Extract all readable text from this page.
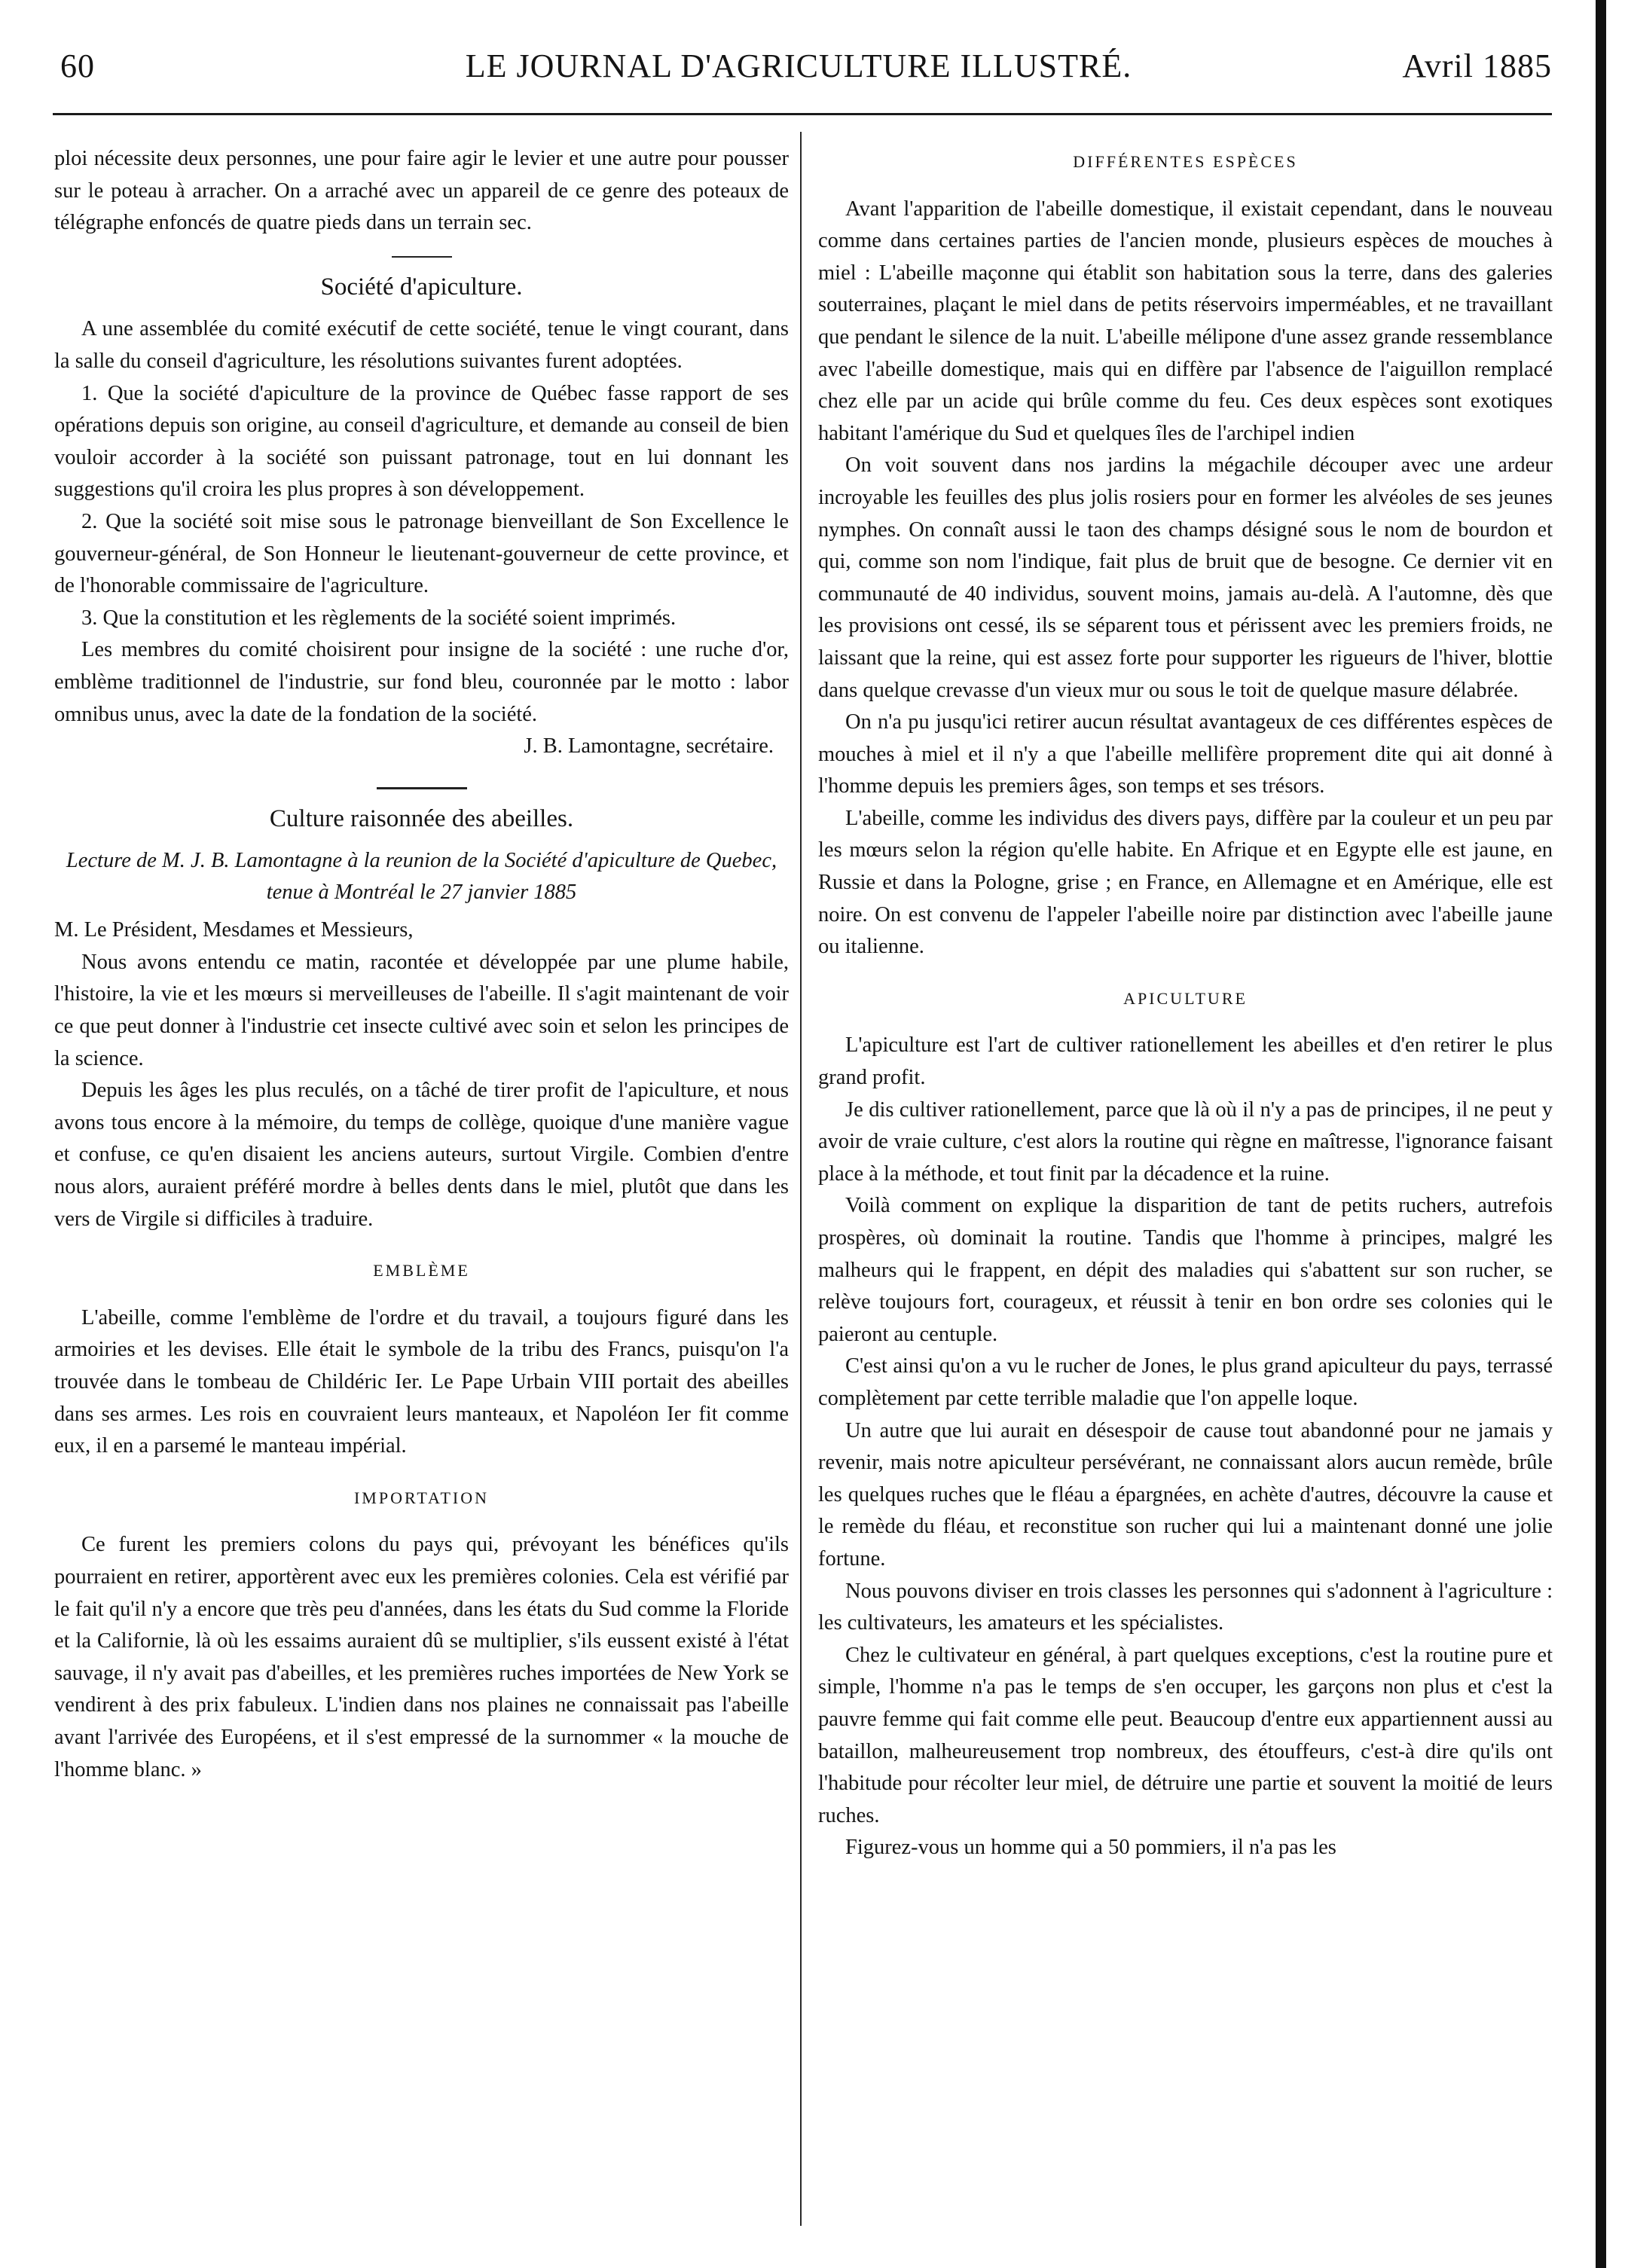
60	LE JOURNAL D'AGRICULTURE ILLUSTRÉ.	Avril 1885

ploi nécessite deux personnes, une pour faire agir le levier et une autre pour pousser sur le poteau à arracher. On a arraché avec un appareil de ce genre des poteaux de télégraphe enfoncés de quatre pieds dans un terrain sec.

Société d'apiculture.

A une assemblée du comité exécutif de cette société, tenue le vingt courant, dans la salle du conseil d'agriculture, les résolutions suivantes furent adoptées.

1. Que la société d'apiculture de la province de Québec fasse rapport de ses opérations depuis son origine, au conseil d'agriculture, et demande au conseil de bien vouloir accorder à la société son puissant patronage, tout en lui donnant les suggestions qu'il croira les plus propres à son développement.

2. Que la société soit mise sous le patronage bienveillant de Son Excellence le gouverneur-général, de Son Honneur le lieutenant-gouverneur de cette province, et de l'honorable commissaire de l'agriculture.

3. Que la constitution et les règlements de la société soient imprimés.

Les membres du comité choisirent pour insigne de la société : une ruche d'or, emblème traditionnel de l'industrie, sur fond bleu, couronnée par le motto : labor omnibus unus, avec la date de la fondation de la société.

J. B. Lamontagne, secrétaire.

Culture raisonnée des abeilles.
Lecture de M. J. B. Lamontagne à la reunion de la Société d'apiculture de Quebec, tenue à Montréal le 27 janvier 1885

M. Le Président, Mesdames et Messieurs,

Nous avons entendu ce matin, racontée et développée par une plume habile, l'histoire, la vie et les mœurs si merveilleuses de l'abeille. Il s'agit maintenant de voir ce que peut donner à l'industrie cet insecte cultivé avec soin et selon les principes de la science.

Depuis les âges les plus reculés, on a tâché de tirer profit de l'apiculture, et nous avons tous encore à la mémoire, du temps de collège, quoique d'une manière vague et confuse, ce qu'en disaient les anciens auteurs, surtout Virgile. Combien d'entre nous alors, auraient préféré mordre à belles dents dans le miel, plutôt que dans les vers de Virgile si difficiles à traduire.

EMBLÈME

L'abeille, comme l'emblème de l'ordre et du travail, a toujours figuré dans les armoiries et les devises. Elle était le symbole de la tribu des Francs, puisqu'on l'a trouvée dans le tombeau de Childéric Ier. Le Pape Urbain VIII portait des abeilles dans ses armes. Les rois en couvraient leurs manteaux, et Napoléon Ier fit comme eux, il en a parsemé le manteau impérial.

IMPORTATION

Ce furent les premiers colons du pays qui, prévoyant les bénéfices qu'ils pourraient en retirer, apportèrent avec eux les premières colonies. Cela est vérifié par le fait qu'il n'y a encore que très peu d'années, dans les états du Sud comme la Floride et la Californie, là où les essaims auraient dû se multiplier, s'ils eussent existé à l'état sauvage, il n'y avait pas d'abeilles, et les premières ruches importées de New York se vendirent à des prix fabuleux. L'indien dans nos plaines ne connaissait pas l'abeille avant l'arrivée des Européens, et il s'est empressé de la surnommer « la mouche de l'homme blanc. »

DIFFÉRENTES ESPÈCES

Avant l'apparition de l'abeille domestique, il existait cependant, dans le nouveau comme dans certaines parties de l'ancien monde, plusieurs espèces de mouches à miel : L'abeille maçonne qui établit son habitation sous la terre, dans des galeries souterraines, plaçant le miel dans de petits réservoirs imperméables, et ne travaillant que pendant le silence de la nuit. L'abeille mélipone d'une assez grande ressemblance avec l'abeille domestique, mais qui en diffère par l'absence de l'aiguillon remplacé chez elle par un acide qui brûle comme du feu. Ces deux espèces sont exotiques habitant l'amérique du Sud et quelques îles de l'archipel indien

On voit souvent dans nos jardins la mégachile découper avec une ardeur incroyable les feuilles des plus jolis rosiers pour en former les alvéoles de ses jeunes nymphes. On connaît aussi le taon des champs désigné sous le nom de bourdon et qui, comme son nom l'indique, fait plus de bruit que de besogne. Ce dernier vit en communauté de 40 individus, souvent moins, jamais au-delà. A l'automne, dès que les provisions ont cessé, ils se séparent tous et périssent avec les premiers froids, ne laissant que la reine, qui est assez forte pour supporter les rigueurs de l'hiver, blottie dans quelque crevasse d'un vieux mur ou sous le toit de quelque masure délabrée.

On n'a pu jusqu'ici retirer aucun résultat avantageux de ces différentes espèces de mouches à miel et il n'y a que l'abeille mellifère proprement dite qui ait donné à l'homme depuis les premiers âges, son temps et ses trésors.

L'abeille, comme les individus des divers pays, diffère par la couleur et un peu par les mœurs selon la région qu'elle habite. En Afrique et en Egypte elle est jaune, en Russie et dans la Pologne, grise ; en France, en Allemagne et en Amérique, elle est noire. On est convenu de l'appeler l'abeille noire par distinction avec l'abeille jaune ou italienne.

APICULTURE

L'apiculture est l'art de cultiver rationellement les abeilles et d'en retirer le plus grand profit.

Je dis cultiver rationellement, parce que là où il n'y a pas de principes, il ne peut y avoir de vraie culture, c'est alors la routine qui règne en maîtresse, l'ignorance faisant place à la méthode, et tout finit par la décadence et la ruine.

Voilà comment on explique la disparition de tant de petits ruchers, autrefois prospères, où dominait la routine. Tandis que l'homme à principes, malgré les malheurs qui le frappent, en dépit des maladies qui s'abattent sur son rucher, se relève toujours fort, courageux, et réussit à tenir en bon ordre ses colonies qui le paieront au centuple.

C'est ainsi qu'on a vu le rucher de Jones, le plus grand apiculteur du pays, terrassé complètement par cette terrible maladie que l'on appelle loque.

Un autre que lui aurait en désespoir de cause tout abandonné pour ne jamais y revenir, mais notre apiculteur persévérant, ne connaissant alors aucun remède, brûle les quelques ruches que le fléau a épargnées, en achète d'autres, découvre la cause et le remède du fléau, et reconstitue son rucher qui lui a maintenant donné une jolie fortune.

Nous pouvons diviser en trois classes les personnes qui s'adonnent à l'agriculture : les cultivateurs, les amateurs et les spécialistes.

Chez le cultivateur en général, à part quelques exceptions, c'est la routine pure et simple, l'homme n'a pas le temps de s'en occuper, les garçons non plus et c'est la pauvre femme qui fait comme elle peut. Beaucoup d'entre eux appartiennent aussi au bataillon, malheureusement trop nombreux, des étouffeurs, c'est-à dire qu'ils ont l'habitude pour récolter leur miel, de détruire une partie et souvent la moitié de leurs ruches.

Figurez-vous un homme qui a 50 pommiers, il n'a pas les
